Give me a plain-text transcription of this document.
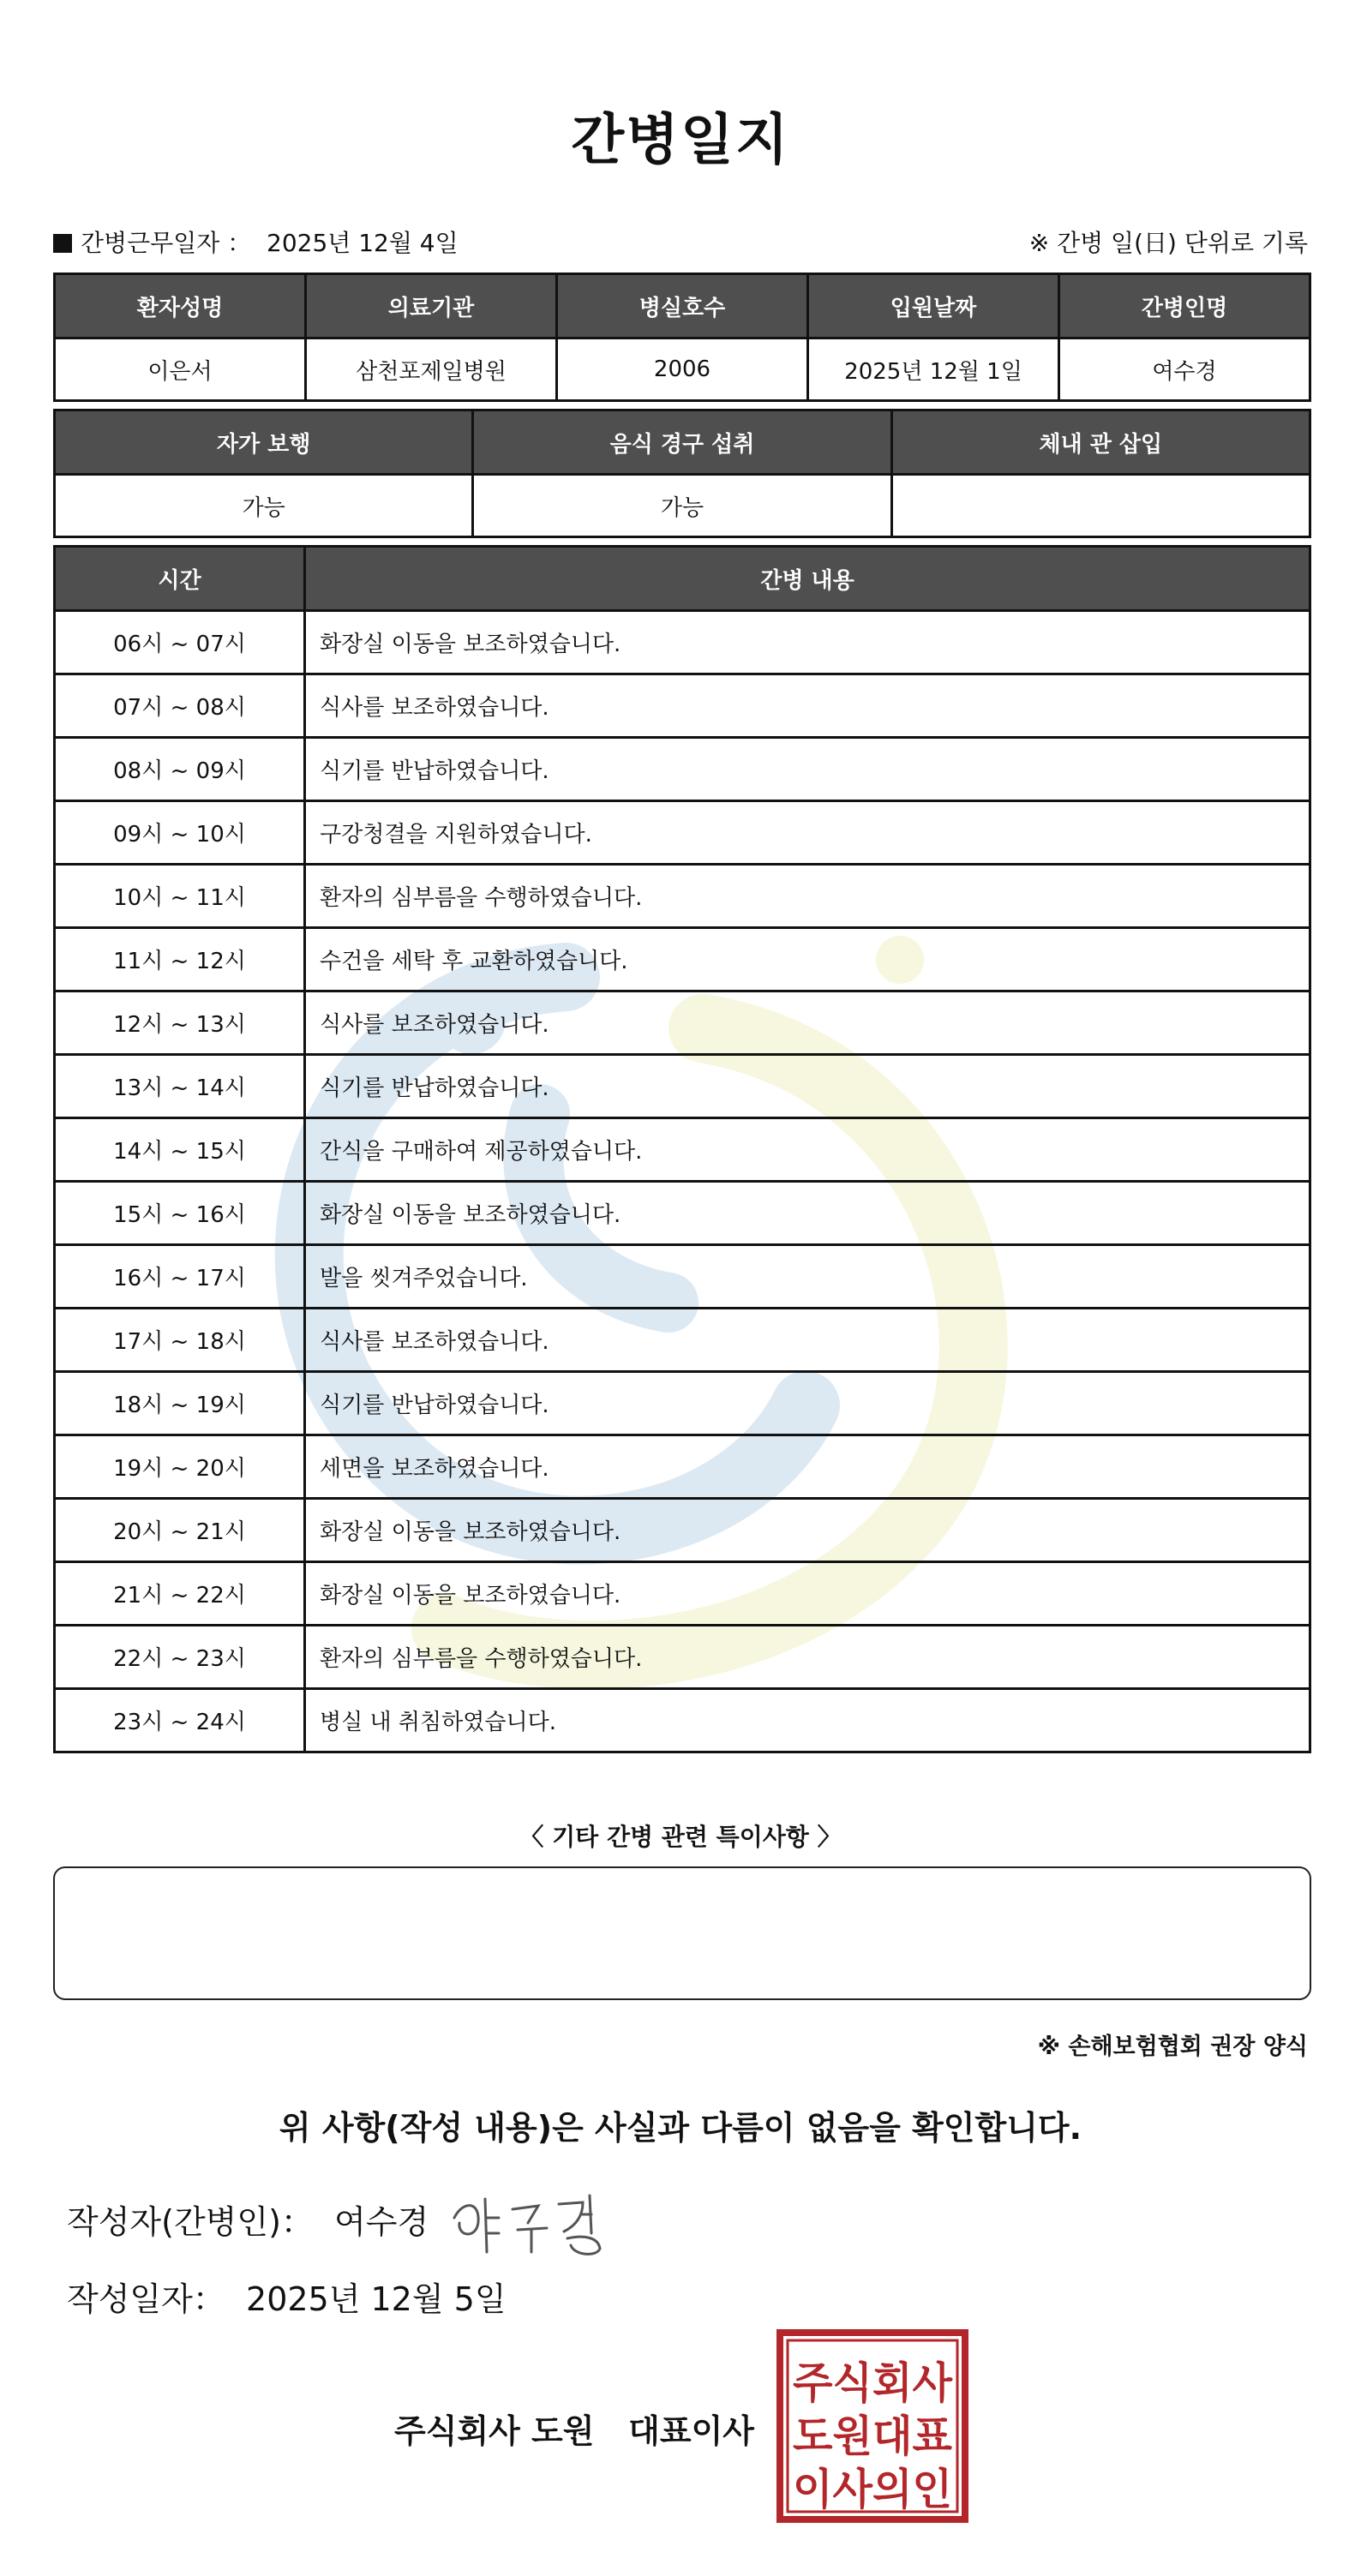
간병일지
간병근무일자 ： 2025년 12월 4일	※ 간병 일(日) 단위로 기록
환자성명	의료기관	병실호수	입원날짜	간병인명
이은서	삼천포제일병원	2006	2025년 12월 1일	여수경
자가 보행	음식 경구 섭취	체내 관 삽입
가능	가능	
시간	간병 내용
06시 ~ 07시	화장실 이동을 보조하였습니다.
07시 ~ 08시	식사를 보조하였습니다.
08시 ~ 09시	식기를 반납하였습니다.
09시 ~ 10시	구강청결을 지원하였습니다.
10시 ~ 11시	환자의 심부름을 수행하였습니다.
11시 ~ 12시	수건을 세탁 후 교환하였습니다.
12시 ~ 13시	식사를 보조하였습니다.
13시 ~ 14시	식기를 반납하였습니다.
14시 ~ 15시	간식을 구매하여 제공하였습니다.
15시 ~ 16시	화장실 이동을 보조하였습니다.
16시 ~ 17시	발을 씻겨주었습니다.
17시 ~ 18시	식사를 보조하였습니다.
18시 ~ 19시	식기를 반납하였습니다.
19시 ~ 20시	세면을 보조하였습니다.
20시 ~ 21시	화장실 이동을 보조하였습니다.
21시 ~ 22시	화장실 이동을 보조하였습니다.
22시 ~ 23시	환자의 심부름을 수행하였습니다.
23시 ~ 24시	병실 내 취침하였습니다.
〈 기타 간병 관련 특이사항 〉
※ 손해보험협회 권장 양식
위 사항(작성 내용)은 사실과 다름이 없음을 확인합니다.
작성자(간병인)： 여수경
작성일자： 2025년 12월 5일
주식회사 도원   대표이사
주식회사
도원대표
이사의인
